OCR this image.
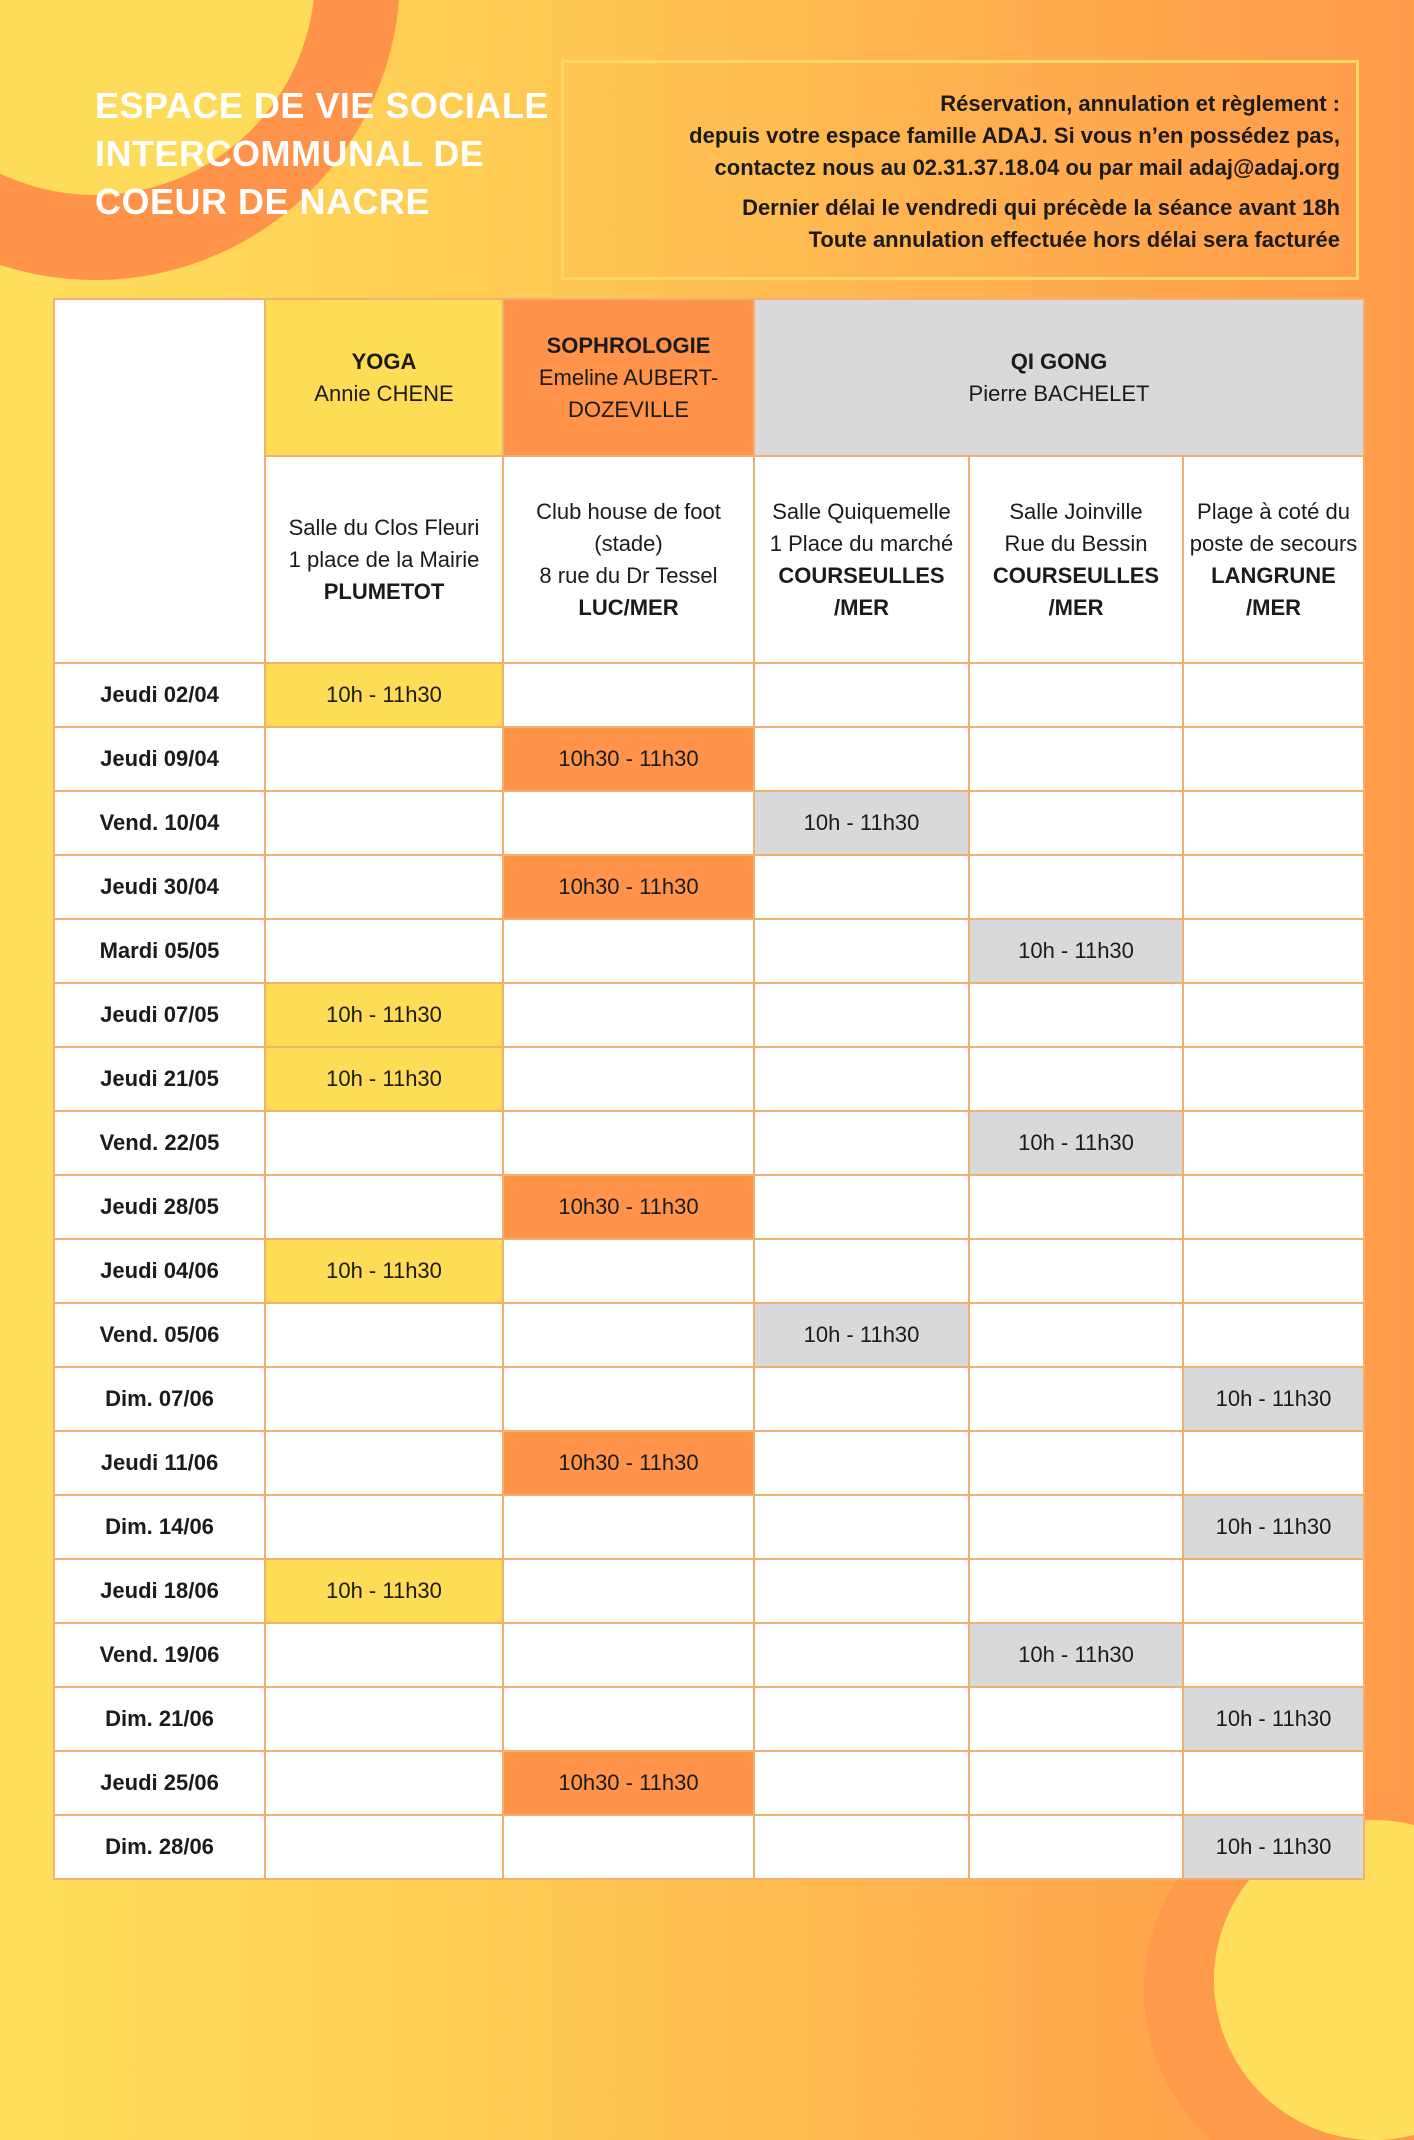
ESPACE DE VIE SOCIALE
INTERCOMMUNAL DE
COEUR DE NACRE

Réservation, annulation et règlement :

depuis votre espace famille ADAJ. Si vous n’en possédez pas,

contactez nous au 02.31.37.18.04 ou par mail adaj@adaj.org

Dernier délai le vendredi qui précède la séance avant 18h

Toute annulation effectuée hors délai sera facturée

	YOGA
Annie CHENE	SOPHROLOGIE
Emeline AUBERT-DOZEVILLE	QI GONG
Pierre BACHELET		
	Salle du Clos Fleuri
1 place de la Mairie
PLUMETOT	Club house de foot (stade)
8 rue du Dr Tessel
LUC/MER	Salle Quiquemelle
1 Place du marché
COURSEULLES /MER	Salle Joinville
Rue du Bessin
COURSEULLES /MER	Plage à coté du poste de secours
LANGRUNE /MER
Jeudi 02/04	10h - 11h30				
Jeudi 09/04		10h30 - 11h30			
Vend. 10/04			10h - 11h30		
Jeudi 30/04		10h30 - 11h30			
Mardi 05/05				10h - 11h30	
Jeudi 07/05	10h - 11h30				
Jeudi 21/05	10h - 11h30				
Vend. 22/05				10h - 11h30	
Jeudi 28/05		10h30 - 11h30			
Jeudi 04/06	10h - 11h30				
Vend. 05/06			10h - 11h30		
Dim. 07/06					10h - 11h30
Jeudi 11/06		10h30 - 11h30			
Dim. 14/06					10h - 11h30
Jeudi 18/06	10h - 11h30				
Vend. 19/06				10h - 11h30	
Dim. 21/06					10h - 11h30
Jeudi 25/06		10h30 - 11h30			
Dim. 28/06					10h - 11h30
